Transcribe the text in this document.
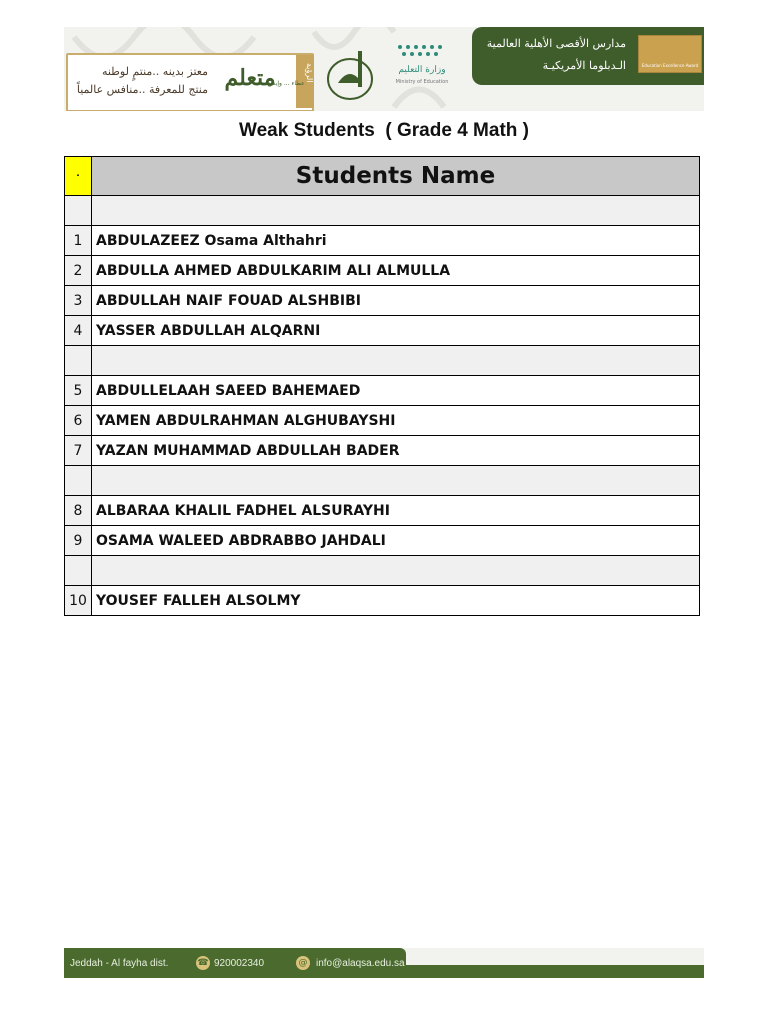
معتز بدينه ..منتمٍ لوطنه
منتج للمعرفة ..منافس عالمياً متعلم	الرؤية
عطاء ... وإبداع
وزارة التعليم
Ministry of Education
مدارس الأقصى الأهلية العالمية
الـدبلوما الأمريكيـة	Education Excellence Award
Weak Students  ( Grade 4 Math )
٠	Students Name

1	ABDULAZEEZ Osama Althahri
2	ABDULLA AHMED ABDULKARIM ALI ALMULLA
3	ABDULLAH NAIF FOUAD ALSHBIBI
4	YASSER ABDULLAH ALQARNI

5	ABDULLELAAH SAEED BAHEMAED
6	YAMEN ABDULRAHMAN ALGHUBAYSHI
7	YAZAN MUHAMMAD ABDULLAH BADER

8	ALBARAA KHALIL FADHEL ALSURAYHI
9	OSAMA WALEED ABDRABBO JAHDALI

10	YOUSEF FALLEH ALSOLMY
Jeddah - Al fayha dist.	☎ 920002340	@ info@alaqsa.edu.sa
